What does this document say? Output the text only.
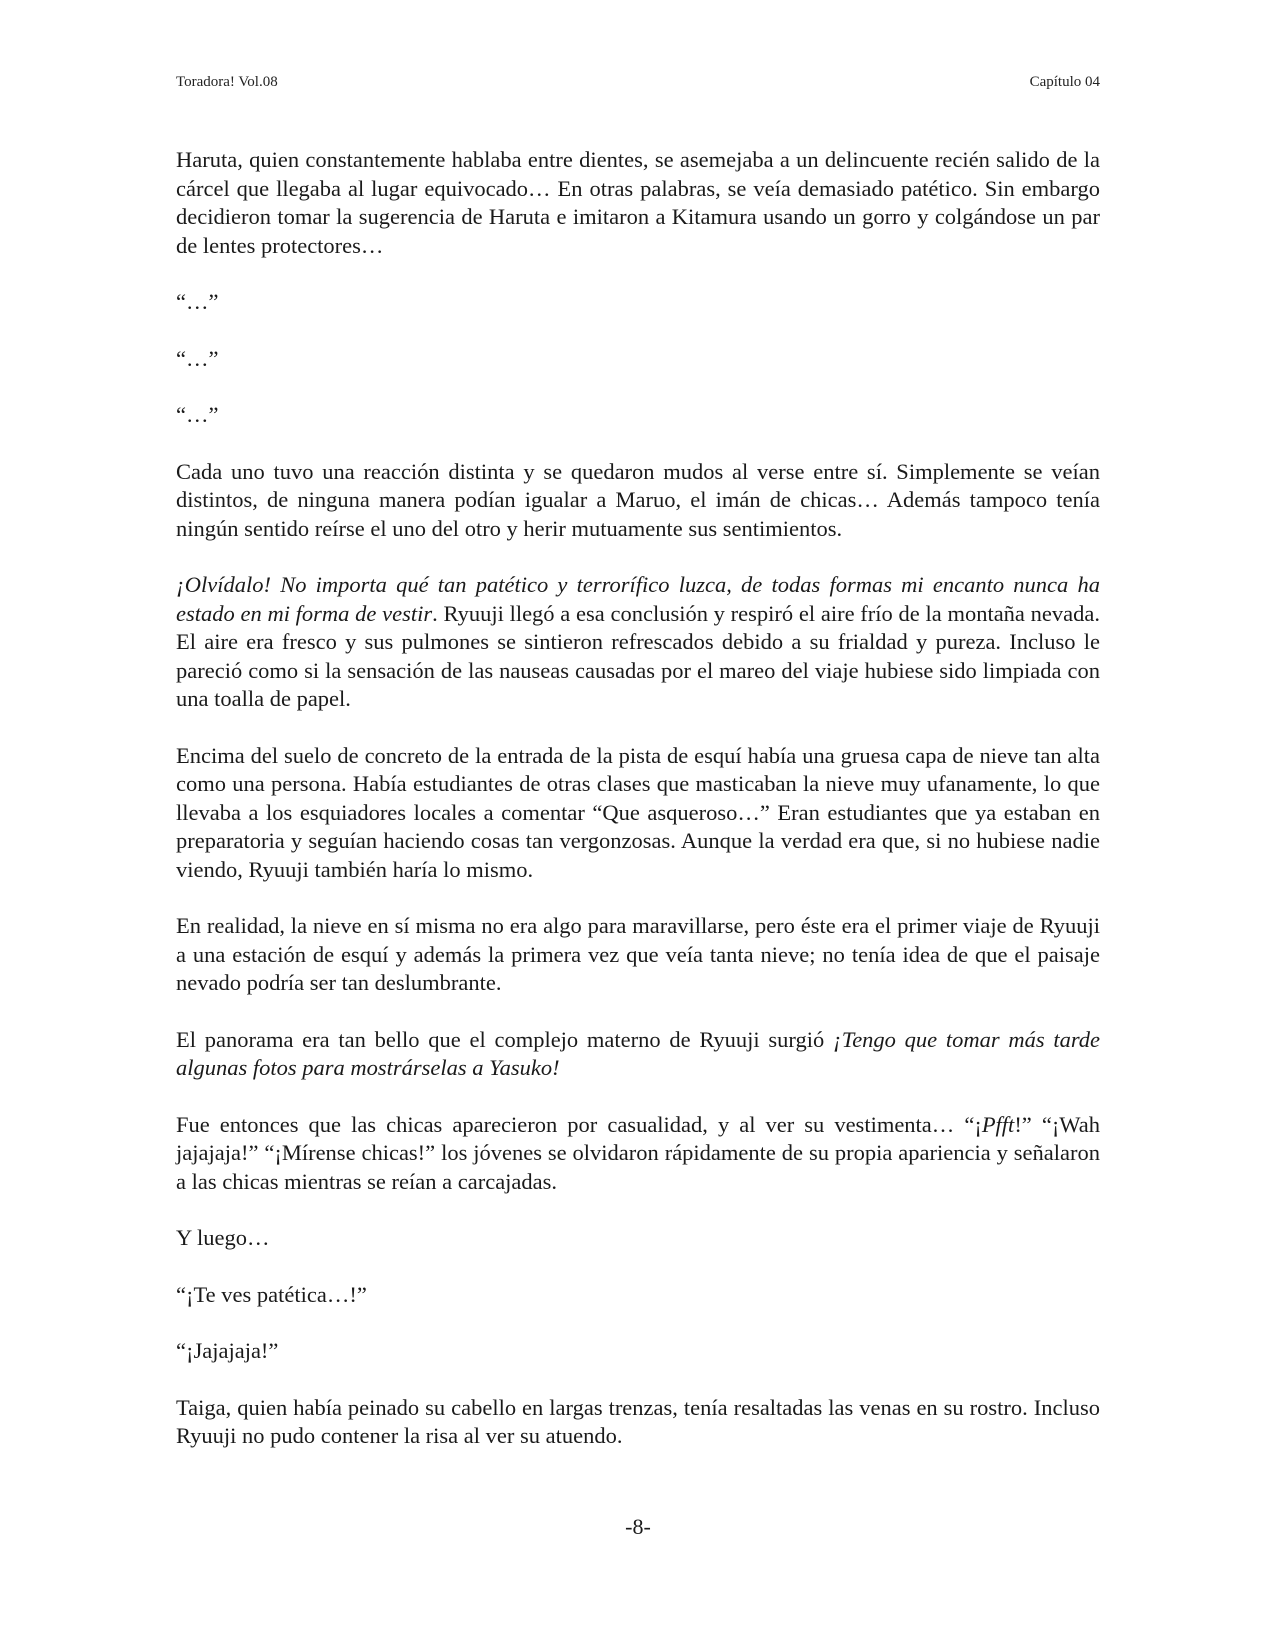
Toradora! Vol.08	Capítulo 04

Haruta, quien constantemente hablaba entre dientes, se asemejaba a un delincuente recién salido de la cárcel que llegaba al lugar equivocado… En otras palabras, se veía demasiado patético. Sin embargo decidieron tomar la sugerencia de Haruta e imitaron a Kitamura usando un gorro y colgándose un par de lentes protectores…

“…”

“…”

“…”

Cada uno tuvo una reacción distinta y se quedaron mudos al verse entre sí. Simplemente se veían distintos, de ninguna manera podían igualar a Maruo, el imán de chicas… Además tampoco tenía ningún sentido reírse el uno del otro y herir mutuamente sus sentimientos.

¡Olvídalo! No importa qué tan patético y terrorífico luzca, de todas formas mi encanto nunca ha estado en mi forma de vestir. Ryuuji llegó a esa conclusión y respiró el aire frío de la montaña nevada. El aire era fresco y sus pulmones se sintieron refrescados debido a su frialdad y pureza. Incluso le pareció como si la sensación de las nauseas causadas por el mareo del viaje hubiese sido limpiada con una toalla de papel.

Encima del suelo de concreto de la entrada de la pista de esquí había una gruesa capa de nieve tan alta como una persona. Había estudiantes de otras clases que masticaban la nieve muy ufanamente, lo que llevaba a los esquiadores locales a comentar “Que asqueroso…” Eran estudiantes que ya estaban en preparatoria y seguían haciendo cosas tan vergonzosas. Aunque la verdad era que, si no hubiese nadie viendo, Ryuuji también haría lo mismo.

En realidad, la nieve en sí misma no era algo para maravillarse, pero éste era el primer viaje de Ryuuji a una estación de esquí y además la primera vez que veía tanta nieve; no tenía idea de que el paisaje nevado podría ser tan deslumbrante.

El panorama era tan bello que el complejo materno de Ryuuji surgió ¡Tengo que tomar más tarde algunas fotos para mostrárselas a Yasuko!

Fue entonces que las chicas aparecieron por casualidad, y al ver su vestimenta… “¡Pfft!” “¡Wah jajajaja!” “¡Mírense chicas!” los jóvenes se olvidaron rápidamente de su propia apariencia y señalaron a las chicas mientras se reían a carcajadas.

Y luego…

“¡Te ves patética…!”

“¡Jajajaja!”

Taiga, quien había peinado su cabello en largas trenzas, tenía resaltadas las venas en su rostro. Incluso Ryuuji no pudo contener la risa al ver su atuendo.

-8-
